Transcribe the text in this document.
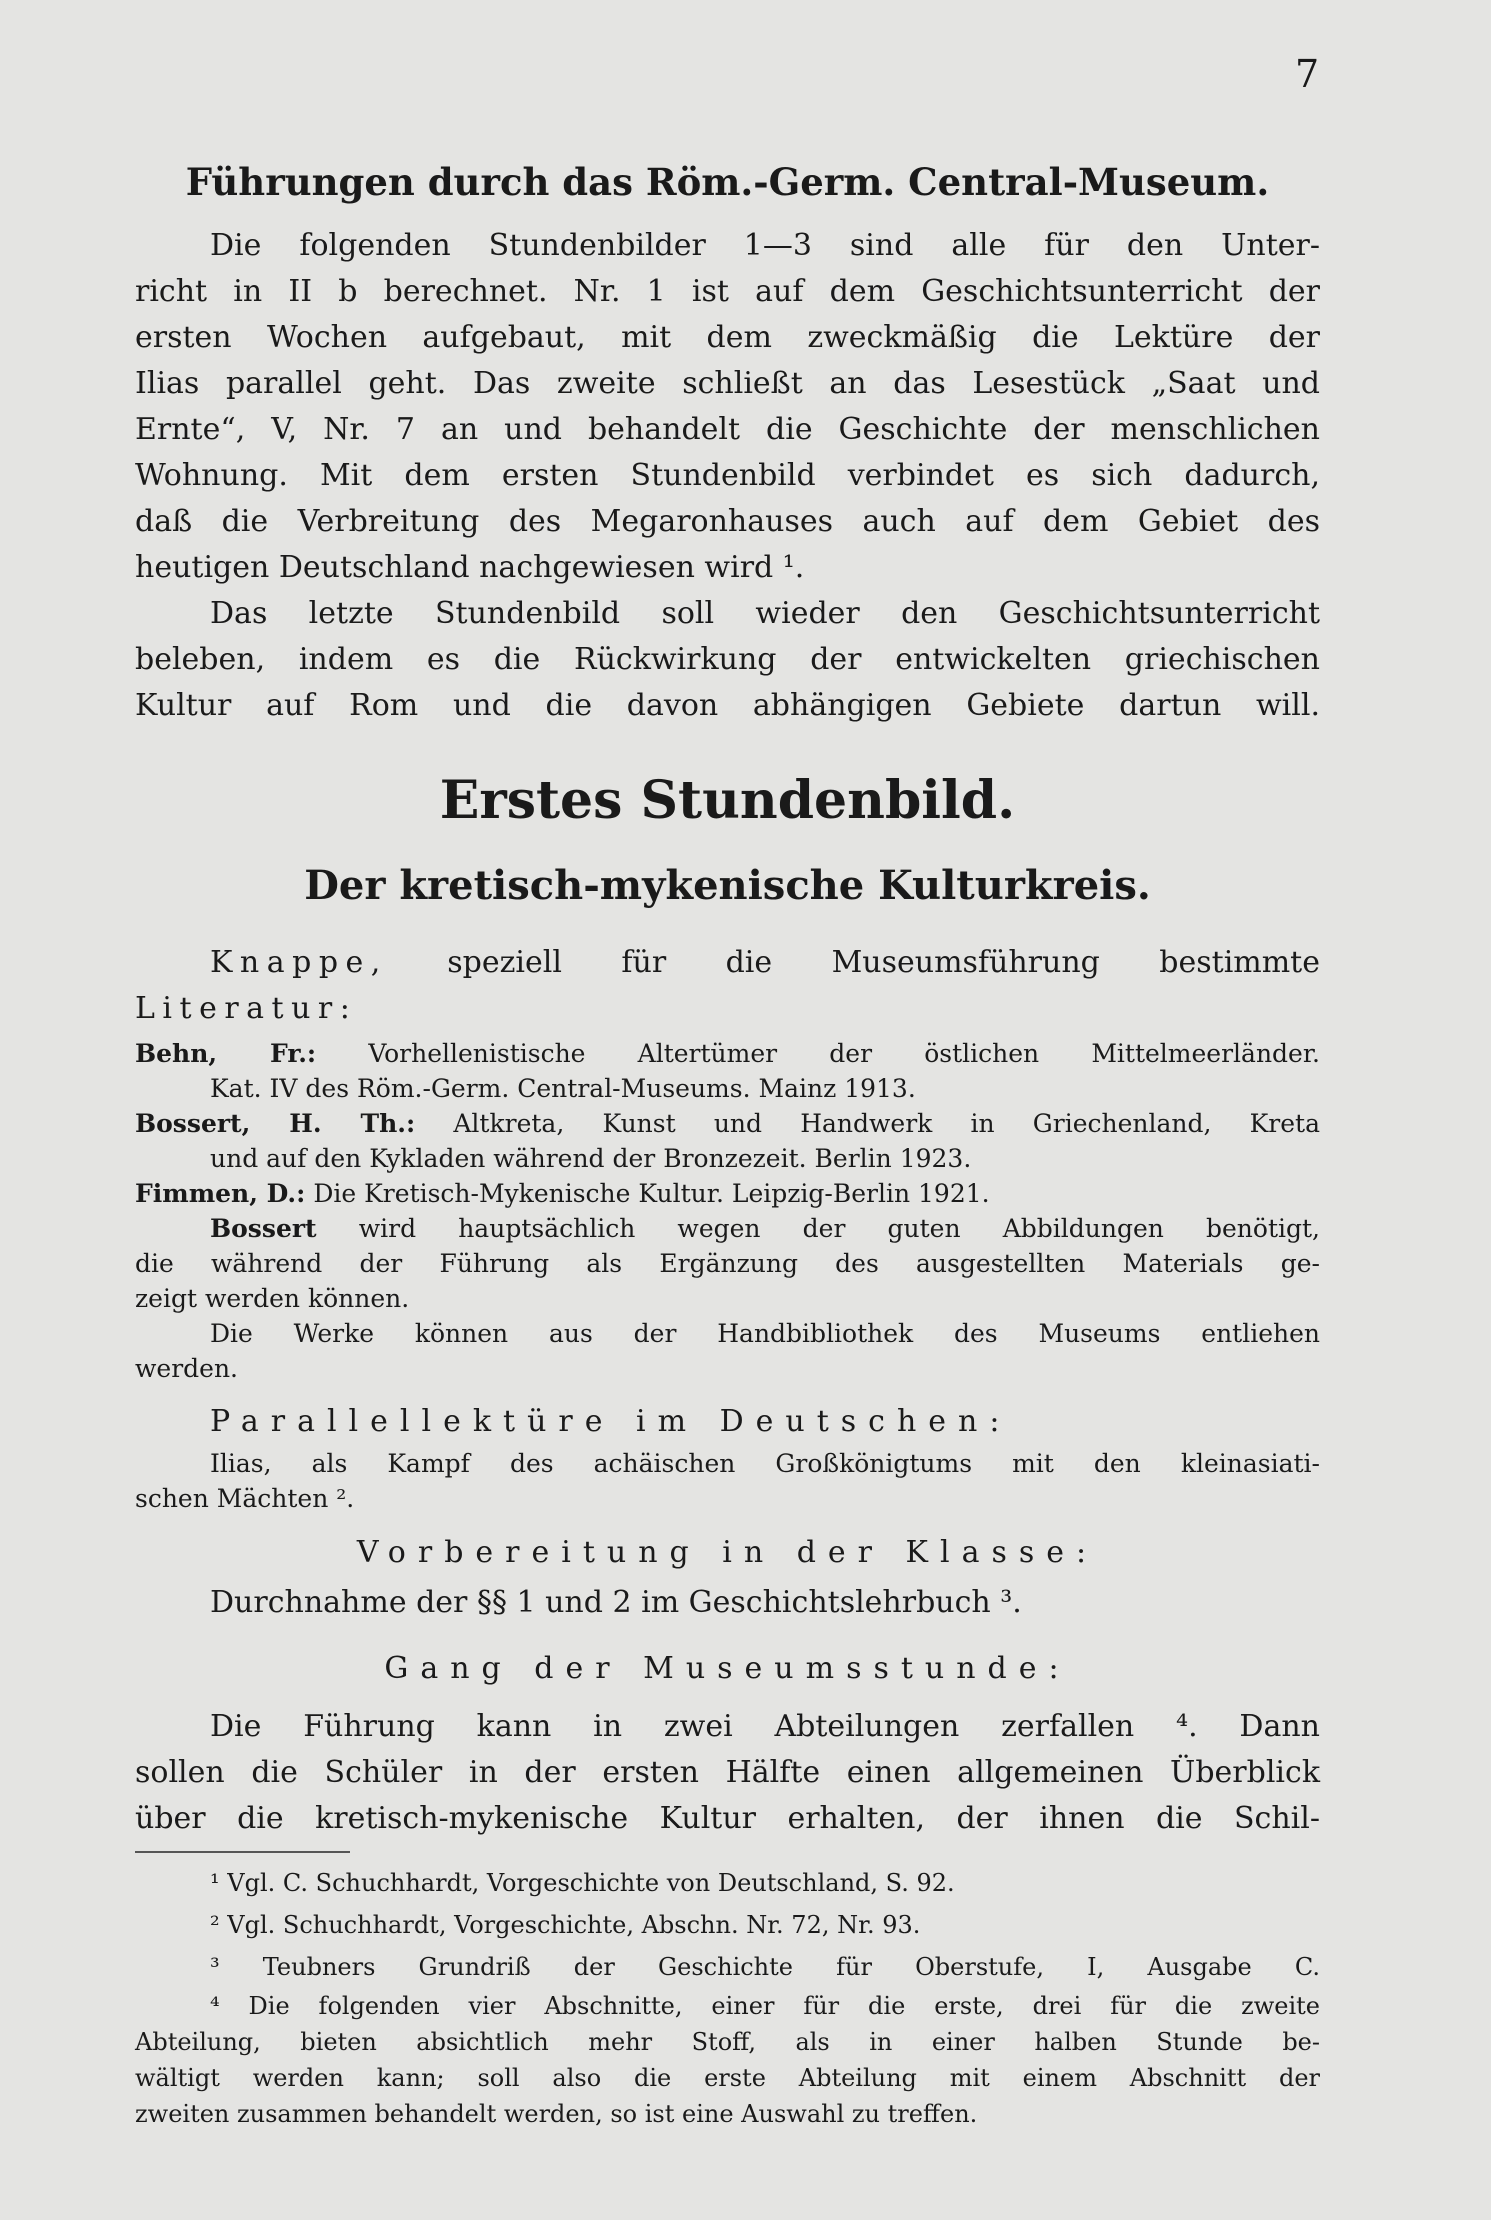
7

Führungen durch das Röm.-Germ. Central-Museum.

Die folgenden Stundenbilder 1—3 sind alle für den Unter-

richt in II b berechnet. Nr. 1 ist auf dem Geschichtsunterricht der

ersten Wochen aufgebaut, mit dem zweckmäßig die Lektüre der

Ilias parallel geht. Das zweite schließt an das Lesestück „Saat und

Ernte“, V, Nr. 7 an und behandelt die Geschichte der menschlichen

Wohnung. Mit dem ersten Stundenbild verbindet es sich dadurch,

daß die Verbreitung des Megaronhauses auch auf dem Gebiet des

heutigen Deutschland nachgewiesen wird ¹.

Das letzte Stundenbild soll wieder den Geschichtsunterricht

beleben, indem es die Rückwirkung der entwickelten griechischen

Kultur auf Rom und die davon abhängigen Gebiete dartun will.

Erstes Stundenbild.

Der kretisch-mykenische Kulturkreis.

Knappe, speziell für die Museumsführung bestimmte

Literatur:

Behn, Fr.: Vorhellenistische Altertümer der östlichen Mittelmeerländer.

Kat. IV des Röm.-Germ. Central-Museums. Mainz 1913.

Bossert, H. Th.: Altkreta, Kunst und Handwerk in Griechenland, Kreta

und auf den Kykladen während der Bronzezeit. Berlin 1923.

Fimmen, D.: Die Kretisch-Mykenische Kultur. Leipzig-Berlin 1921.

Bossert wird hauptsächlich wegen der guten Abbildungen benötigt,

die während der Führung als Ergänzung des ausgestellten Materials ge-

zeigt werden können.

Die Werke können aus der Handbibliothek des Museums entliehen

werden.

Parallellektüre im Deutschen:

Ilias, als Kampf des achäischen Großkönigtums mit den kleinasiati-

schen Mächten ².

Vorbereitung in der Klasse:

Durchnahme der §§ 1 und 2 im Geschichtslehrbuch ³.

Gang der Museumsstunde:

Die Führung kann in zwei Abteilungen zerfallen ⁴. Dann

sollen die Schüler in der ersten Hälfte einen allgemeinen Überblick

über die kretisch-mykenische Kultur erhalten, der ihnen die Schil-

¹ Vgl. C. Schuchhardt, Vorgeschichte von Deutschland, S. 92.

² Vgl. Schuchhardt, Vorgeschichte, Abschn. Nr. 72, Nr. 93.

³ Teubners Grundriß der Geschichte für Oberstufe, I, Ausgabe C.

⁴ Die folgenden vier Abschnitte, einer für die erste, drei für die zweite

Abteilung, bieten absichtlich mehr Stoff, als in einer halben Stunde be-

wältigt werden kann; soll also die erste Abteilung mit einem Abschnitt der

zweiten zusammen behandelt werden, so ist eine Auswahl zu treffen.
